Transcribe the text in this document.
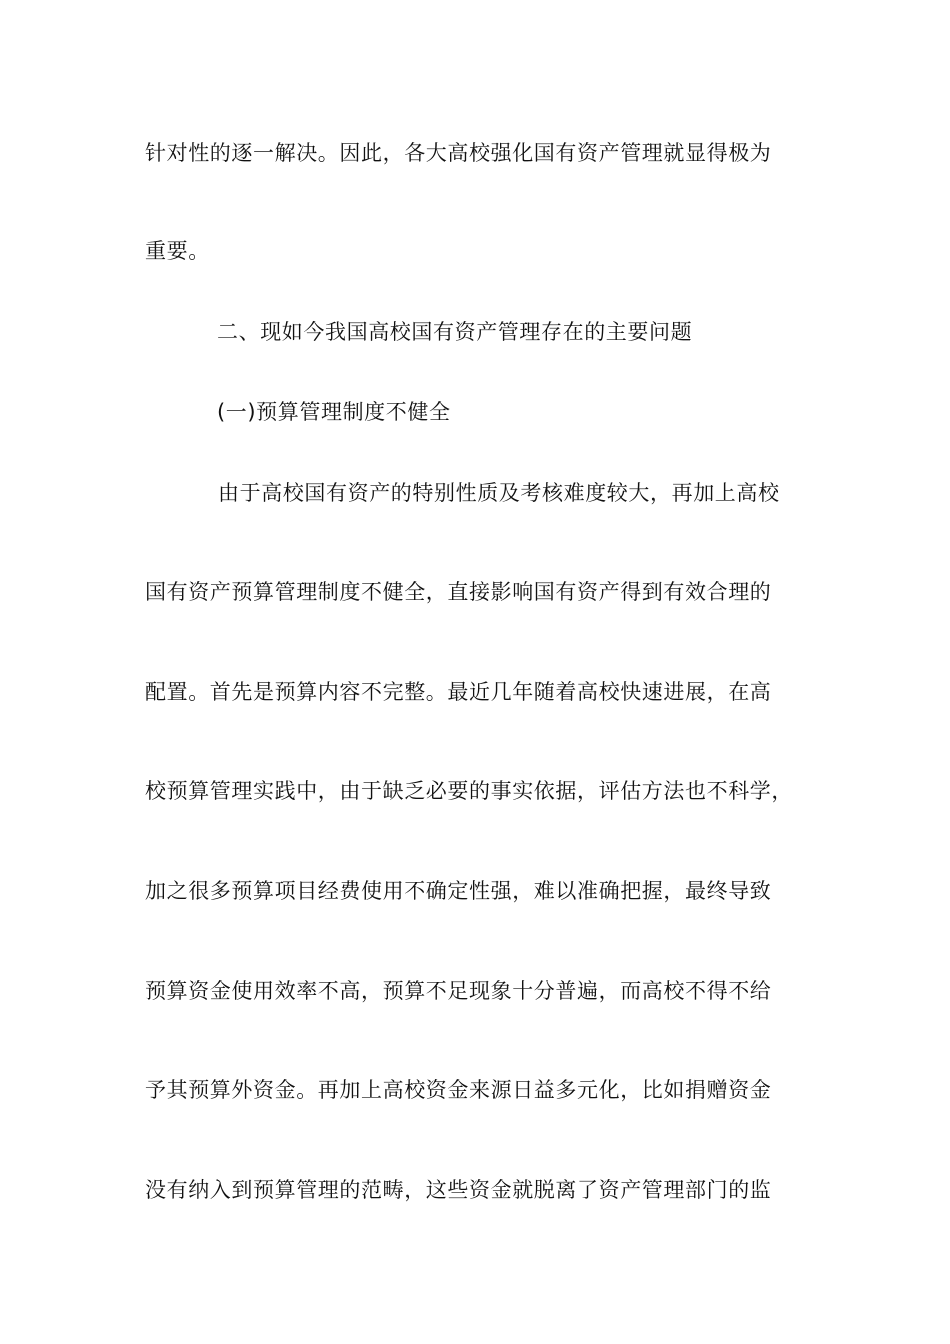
针对性的逐一解决。因此，各大高校强化国有资产管理就显得极为
重要。
二、现如今我国高校国有资产管理存在的主要问题
(一)预算管理制度不健全
由于高校国有资产的特别性质及考核难度较大，再加上高校
国有资产预算管理制度不健全，直接影响国有资产得到有效合理的
配置。首先是预算内容不完整。最近几年随着高校快速进展，在高
校预算管理实践中，由于缺乏必要的事实依据，评估方法也不科学，
加之很多预算项目经费使用不确定性强，难以准确把握，最终导致
预算资金使用效率不高，预算不足现象十分普遍，而高校不得不给
予其预算外资金。再加上高校资金来源日益多元化，比如捐赠资金
没有纳入到预算管理的范畴，这些资金就脱离了资产管理部门的监
